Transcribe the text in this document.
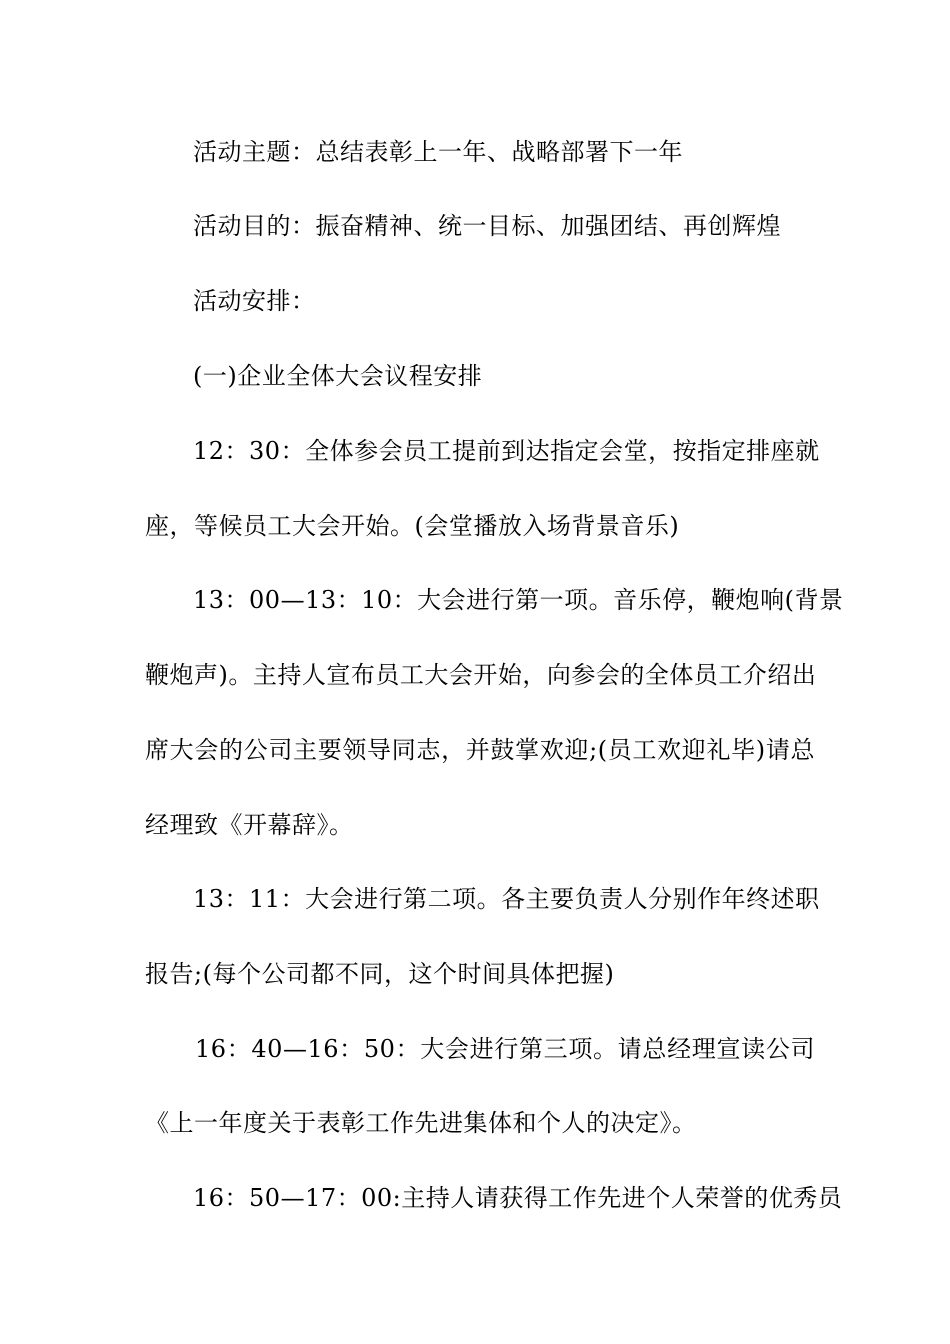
活动主题：总结表彰上一年、战略部署下一年
活动目的：振奋精神、统一目标、加强团结、再创辉煌
活动安排：
(一)企业全体大会议程安排
12：30：全体参会员工提前到达指定会堂，按指定排座就
座，等候员工大会开始。(会堂播放入场背景音乐)
13：00—13：10：大会进行第一项。音乐停，鞭炮响(背景
鞭炮声)。主持人宣布员工大会开始，向参会的全体员工介绍出
席大会的公司主要领导同志，并鼓掌欢迎;(员工欢迎礼毕)请总
经理致《开幕辞》。
13：11：大会进行第二项。各主要负责人分别作年终述职
报告;(每个公司都不同，这个时间具体把握)
16：40—16：50：大会进行第三项。请总经理宣读公司
《上一年度关于表彰工作先进集体和个人的决定》。
16：50—17：00:主持人请获得工作先进个人荣誉的优秀员
